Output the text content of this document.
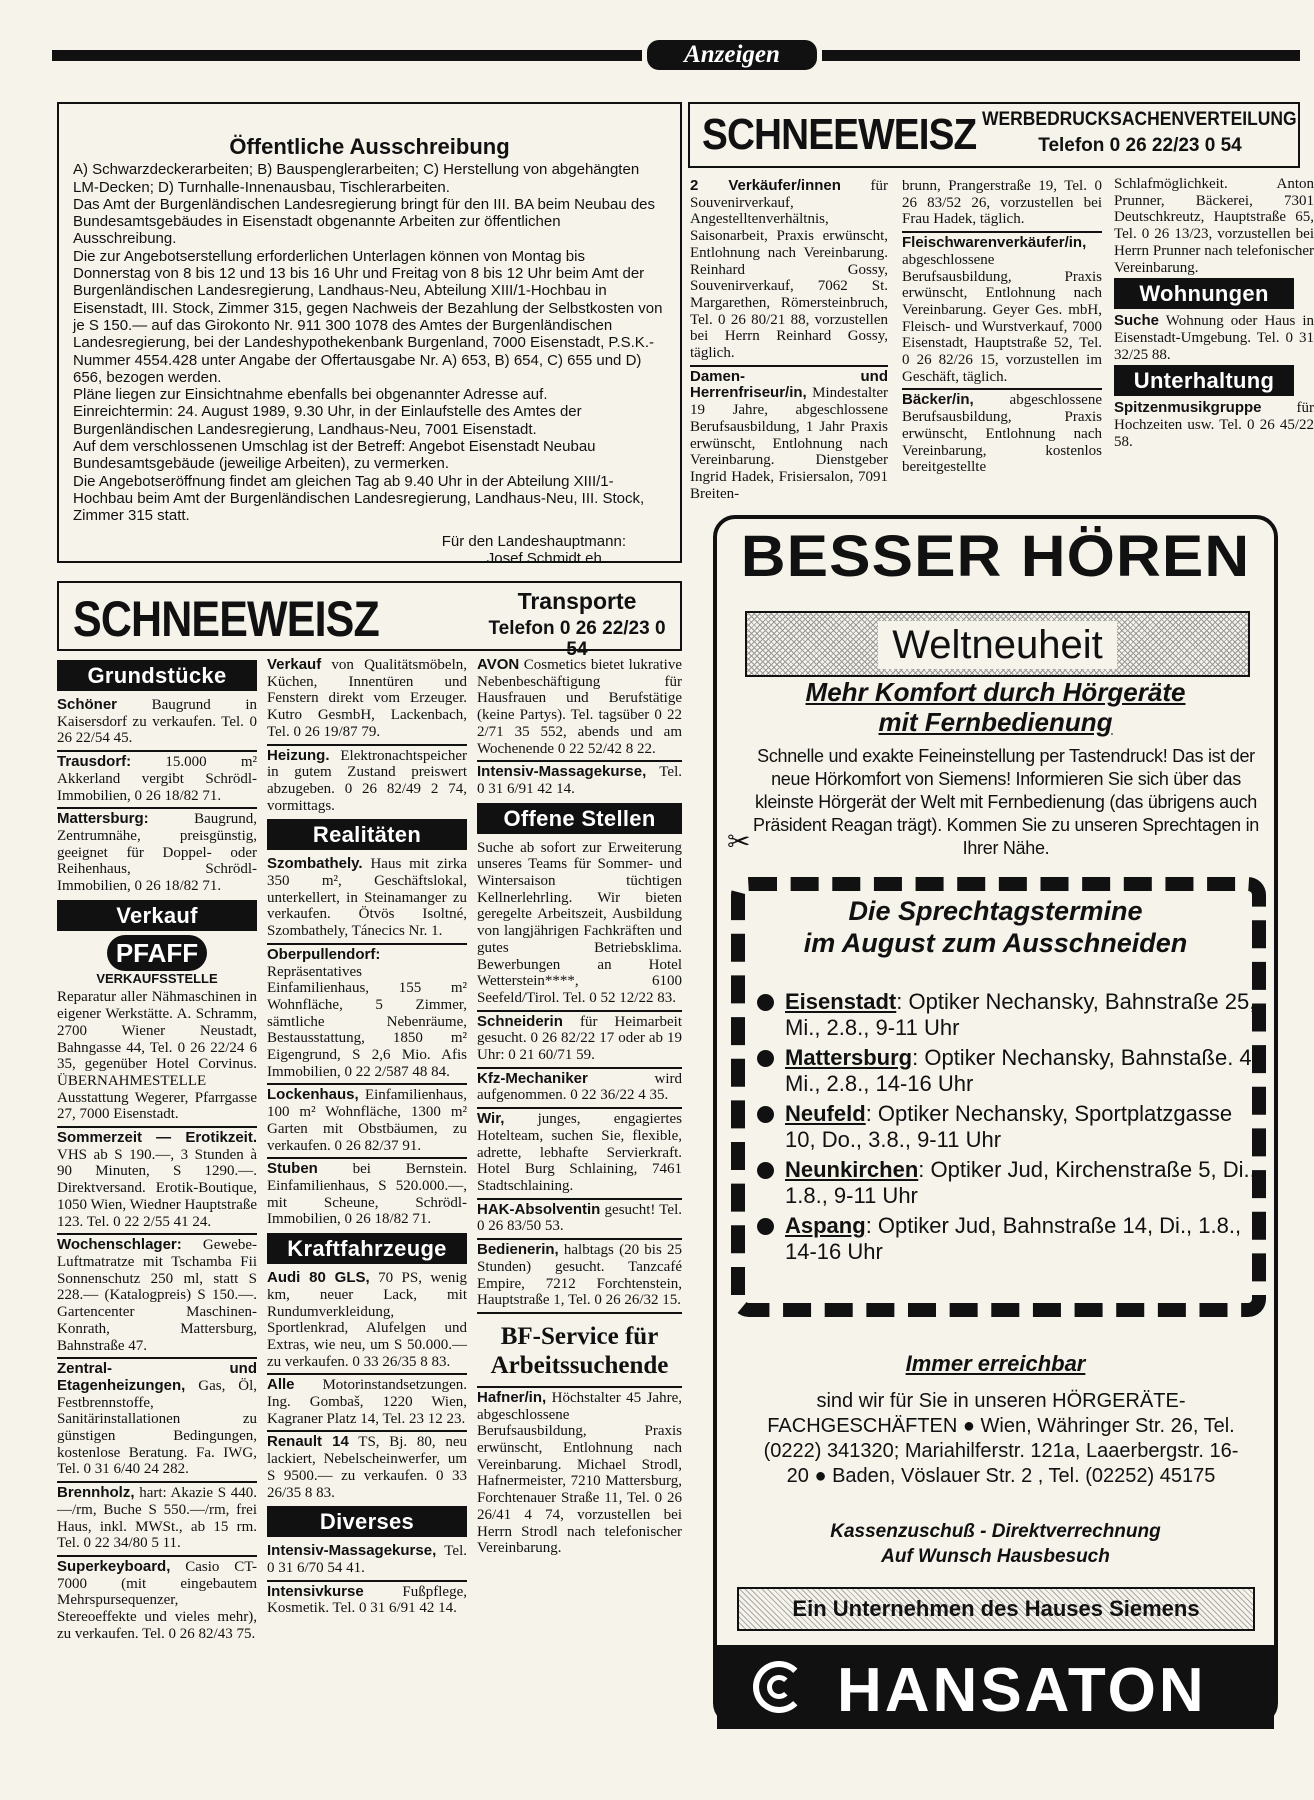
Anzeigen
Öffentliche Ausschreibung

A) Schwarzdeckerarbeiten; B) Bauspenglerarbeiten; C) Herstellung von abgehängten LM-Decken; D) Turnhalle-Innenausbau, Tischlerarbeiten.

Das Amt der Burgenländischen Landesregierung bringt für den III. BA beim Neubau des Bundesamtsgebäudes in Eisenstadt obgenannte Arbeiten zur öffentlichen Ausschreibung.

Die zur Angebotserstellung erforderlichen Unterlagen können von Montag bis Donnerstag von 8 bis 12 und 13 bis 16 Uhr und Freitag von 8 bis 12 Uhr beim Amt der Burgenländischen Landesregierung, Landhaus-Neu, Abteilung XIII/1-Hochbau in Eisenstadt, III. Stock, Zimmer 315, gegen Nachweis der Bezahlung der Selbstkosten von je S 150.— auf das Girokonto Nr. 911 300 1078 des Amtes der Burgenländischen Landesregierung, bei der Landeshypothekenbank Burgenland, 7000 Eisenstadt, P.S.K.-Nummer 4554.428 unter Angabe der Offertausgabe Nr. A) 653, B) 654, C) 655 und D) 656, bezogen werden.

Pläne liegen zur Einsichtnahme ebenfalls bei obgenannter Adresse auf.

Einreichtermin: 24. August 1989, 9.30 Uhr, in der Einlaufstelle des Amtes der Burgenländischen Landesregierung, Landhaus-Neu, 7001 Eisenstadt.

Auf dem verschlossenen Umschlag ist der Betreff: Angebot Eisenstadt Neubau Bundesamtsgebäude (jeweilige Arbeiten), zu vermerken.

Die Angebotseröffnung findet am gleichen Tag ab 9.40 Uhr in der Abteilung XIII/1-Hochbau beim Amt der Burgenländischen Landesregierung, Landhaus-Neu, III. Stock, Zimmer 315 statt.

Für den Landeshauptmann:

Josef Schmidt eh.

SCHNEEWEISZ WERBEDRUCKSACHENVERTEILUNG
Telefon 0 26 22/23 0 54
2 Verkäufer/innen für Souvenirverkauf, Angestelltenverhältnis, Saisonarbeit, Praxis erwünscht, Entlohnung nach Vereinbarung. Reinhard Gossy, Souvenirverkauf, 7062 St. Margarethen, Römersteinbruch, Tel. 0 26 80/21 88, vorzustellen bei Herrn Reinhard Gossy, täglich.
Damen- und Herrenfriseur/in, Mindestalter 19 Jahre, abgeschlossene Berufsausbildung, 1 Jahr Praxis erwünscht, Entlohnung nach Vereinbarung. Dienstgeber Ingrid Hadek, Frisiersalon, 7091 Breiten-
brunn, Prangerstraße 19, Tel. 0 26 83/52 26, vorzustellen bei Frau Hadek, täglich.
Fleischwarenverkäufer/in, abgeschlossene Berufsausbildung, Praxis erwünscht, Entlohnung nach Vereinbarung. Geyer Ges. mbH, Fleisch- und Wurstverkauf, 7000 Eisenstadt, Hauptstraße 52, Tel. 0 26 82/26 15, vorzustellen im Geschäft, täglich.
Bäcker/in, abgeschlossene Berufsausbildung, Praxis erwünscht, Entlohnung nach Vereinbarung, kostenlos bereitgestellte
Schlafmöglichkeit. Anton Prunner, Bäckerei, 7301 Deutschkreutz, Hauptstraße 65, Tel. 0 26 13/23, vorzustellen bei Herrn Prunner nach telefonischer Vereinbarung.
Wohnungen
Suche Wohnung oder Haus in Eisenstadt-Umgebung. Tel. 0 31 32/25 88.
Unterhaltung
Spitzenmusikgruppe für Hochzeiten usw. Tel. 0 26 45/22 58.
SCHNEEWEISZ	Transporte
Telefon 0 26 22/23 0 54
Grundstücke
Schöner Baugrund in Kaisersdorf zu verkaufen. Tel. 0 26 22/54 45.
Trausdorf: 15.000 m² Akkerland vergibt Schrödl-Immobilien, 0 26 18/82 71.
Mattersburg:	Baugrund, Zentrumnähe, preisgünstig, geeignet für Doppel- oder Reihenhaus, Schrödl-Immobilien, 0 26 18/82 71.
Verkauf
PFAFF
VERKAUFSSTELLE
Reparatur aller Nähmaschinen in eigener Werkstätte. A. Schramm, 2700 Wiener Neustadt, Bahngasse 44, Tel. 0 26 22/24 6 35, gegenüber Hotel Corvinus. ÜBERNAHMESTELLE Ausstattung Wegerer, Pfarrgasse 27, 7000 Eisenstadt.
Sommerzeit — Erotikzeit. VHS ab S 190.—, 3 Stunden à 90 Minuten, S 1290.—. Direktversand. Erotik-Boutique, 1050 Wien, Wiedner Hauptstraße 123. Tel. 0 22 2/55 41 24.
Wochenschlager: Gewebe-Luftmatratze mit Tschamba Fii Sonnenschutz 250 ml, statt S 228.— (Katalogpreis) S 150.—. Gartencenter Maschinen-Konrath, Mattersburg, Bahnstraße 47.
Zentral- und Etagenheizungen, Gas, Öl, Festbrennstoffe, Sanitärinstallationen zu günstigen Bedingungen, kostenlose Beratung. Fa. IWG, Tel. 0 31 6/40 24 282.
Brennholz, hart: Akazie S 440.—/rm, Buche S 550.—/rm, frei Haus, inkl. MWSt., ab 15 rm. Tel. 0 22 34/80 5 11.
Superkeyboard, Casio CT-7000 (mit eingebautem Mehrspursequenzer, Stereoeffekte und vieles mehr), zu verkaufen. Tel. 0 26 82/43 75.
Verkauf von Qualitätsmöbeln, Küchen, Innentüren und Fenstern direkt vom Erzeuger. Kutro GesmbH, Lackenbach, Tel. 0 26 19/87 79.
Heizung. Elektronachtspeicher in gutem Zustand preiswert abzugeben. 0 26 82/49 2 74, vormittags.
Realitäten
Szombathely. Haus mit zirka 350 m², Geschäftslokal, unterkellert, in Steinamanger zu verkaufen. Ötvös Isoltné, Szombathely, Tánecics Nr. 1.
Oberpullendorf: Repräsentatives Einfamilienhaus, 155 m² Wohnfläche, 5 Zimmer, sämtliche Nebenräume, Bestausstattung, 1850 m² Eigengrund, S 2,6 Mio. Afis Immobilien, 0 22 2/587 48 84.
Lockenhaus, Einfamilienhaus, 100 m² Wohnfläche, 1300 m² Garten mit Obstbäumen, zu verkaufen. 0 26 82/37 91.
Stuben bei Bernstein. Einfamilienhaus, S 520.000.—, mit Scheune, Schrödl-Immobilien, 0 26 18/82 71.
Kraftfahrzeuge
Audi 80 GLS, 70 PS, wenig km, neuer Lack, mit Rundumverkleidung, Sportlenkrad, Alufelgen und Extras, wie neu, um S 50.000.— zu verkaufen. 0 33 26/35 8 83.
Alle Motorinstandsetzungen. Ing. Gombaš, 1220 Wien, Kagraner Platz 14, Tel. 23 12 23.
Renault 14 TS, Bj. 80, neu lackiert, Nebelscheinwerfer, um S 9500.— zu verkaufen. 0 33 26/35 8 83.
Diverses
Intensiv-Massagekurse, Tel. 0 31 6/70 54 41.
Intensivkurse	Fußpflege, Kosmetik. Tel. 0 31 6/91 42 14.
AVON Cosmetics bietet lukrative Nebenbeschäftigung für Hausfrauen und Berufstätige (keine Partys). Tel. tagsüber 0 22 2/71 35 552, abends und am Wochenende 0 22 52/42 8 22.
Intensiv-Massagekurse, Tel. 0 31 6/91 42 14.
Offene Stellen
Suche ab sofort zur Erweiterung unseres Teams für Sommer- und Wintersaison tüchtigen Kellnerlehrling. Wir bieten geregelte Arbeitszeit, Ausbildung von langjährigen Fachkräften und gutes Betriebsklima. Bewerbungen an Hotel Wetterstein****, 6100 Seefeld/Tirol. Tel. 0 52 12/22 83.
Schneiderin für Heimarbeit gesucht. 0 26 82/22 17 oder ab 19 Uhr: 0 21 60/71 59.
Kfz-Mechaniker	wird aufgenommen. 0 22 36/22 4 35.
Wir, junges, engagiertes Hotelteam, suchen Sie, flexible, adrette, lebhafte Servierkraft. Hotel Burg Schlaining, 7461 Stadtschlaining.
HAK-Absolventin gesucht! Tel. 0 26 83/50 53.
Bedienerin, halbtags (20 bis 25 Stunden) gesucht. Tanzcafé Empire, 7212 Forchtenstein, Hauptstraße 1, Tel. 0 26 26/32 15.
BF-Service für Arbeitssuchende
Hafner/in, Höchstalter 45 Jahre, abgeschlossene Berufsausbildung, Praxis erwünscht, Entlohnung nach Vereinbarung. Michael Strodl, Hafnermeister, 7210 Mattersburg, Forchtenauer Straße 11, Tel. 0 26 26/41 4 74, vorzustellen bei Herrn Strodl nach telefonischer Vereinbarung.
BESSER HÖREN
Weltneuheit
Mehr Komfort durch Hörgeräte
mit Fernbedienung
Schnelle und exakte Feineinstellung per Tastendruck! Das ist der neue Hörkomfort von Siemens! Informieren Sie sich über das kleinste Hörgerät der Welt mit Fernbedienung (das übrigens auch Präsident Reagan trägt). Kommen Sie zu unseren Sprechtagen in Ihrer Nähe.
✂
Die Sprechtagstermine
im August zum Ausschneiden
Eisenstadt: Optiker Nechansky, Bahnstraße 25, Mi., 2.8., 9-11 Uhr
Mattersburg: Optiker Nechansky, Bahnstaße. 4, Mi., 2.8., 14-16 Uhr
Neufeld: Optiker Nechansky, Sportplatzgasse 10, Do., 3.8., 9-11 Uhr
Neunkirchen: Optiker Jud, Kirchenstraße 5, Di., 1.8., 9-11 Uhr
Aspang: Optiker Jud, Bahnstraße 14, Di., 1.8., 14-16 Uhr
Immer erreichbar
sind wir für Sie in unseren HÖRGERÄTE-FACHGESCHÄFTEN ● Wien, Währinger Str. 26, Tel. (0222) 341320; Mariahilferstr. 121a, Laaerbergstr. 16-20 ● Baden, Vöslauer Str. 2 , Tel. (02252) 45175
Kassenzuschuß - Direktverrechnung
Auf Wunsch Hausbesuch
Ein Unternehmen des Hauses Siemens
HANSATON
